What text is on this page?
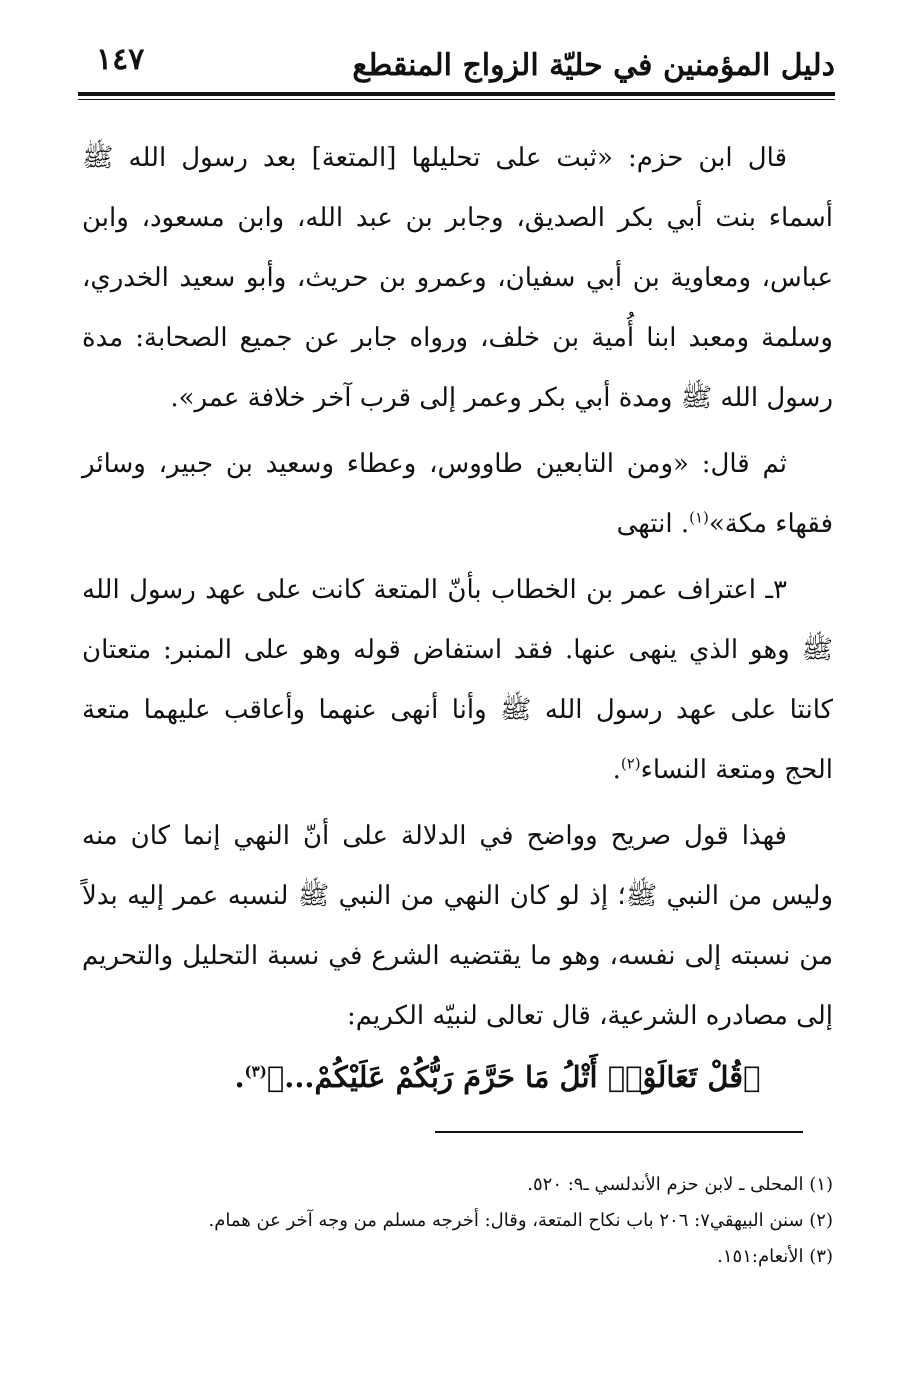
دليل المؤمنين في حليّة الزواج المنقطع
١٤٧

قال ابن حزم: «ثبت على تحليلها [المتعة] بعد رسول الله ﷺ أسماء بنت أبي بكر الصديق، وجابر بن عبد الله، وابن مسعود، وابن عباس، ومعاوية بن أبي سفيان، وعمرو بن حريث، وأبو سعيد الخدري، وسلمة ومعبد ابنا أُمية بن خلف، ورواه جابر عن جميع الصحابة: مدة رسول الله ﷺ ومدة أبي بكر وعمر إلى قرب آخر خلافة عمر».

ثم قال: «ومن التابعين طاووس، وعطاء وسعيد بن جبير، وسائر فقهاء مكة»$^{(١)}$. انتهى

٣ـ اعتراف عمر بن الخطاب بأنّ المتعة كانت على عهد رسول الله ﷺ وهو الذي ينهى عنها. فقد استفاض قوله وهو على المنبر: متعتان كانتا على عهد رسول الله ﷺ وأنا أنهى عنهما وأعاقب عليهما متعة الحج ومتعة النساء$^{(٢)}$.

فهذا قول صريح وواضح في الدلالة على أنّ النهي إنما كان منه وليس من النبي ﷺ؛ إذ لو كان النهي من النبي ﷺ لنسبه عمر إليه بدلاً من نسبته إلى نفسه، وهو ما يقتضيه الشرع في نسبة التحليل والتحريم إلى مصادره الشرعية، قال تعالى لنبيّه الكريم:

﴿قُلْ تَعَالَوْا۟ أَتْلُ مَا حَرَّمَ رَبُّكُمْ عَلَيْكُمْ...﴾$^{(٣)}$.

(١) المحلى ـ لابن حزم الأندلسي ـ٩: ٥٢٠.

(٢) سنن البيهقي٧: ٢٠٦ باب نكاح المتعة، وقال: أخرجه مسلم من وجه آخر عن همام.

(٣) الأنعام:١٥١.
